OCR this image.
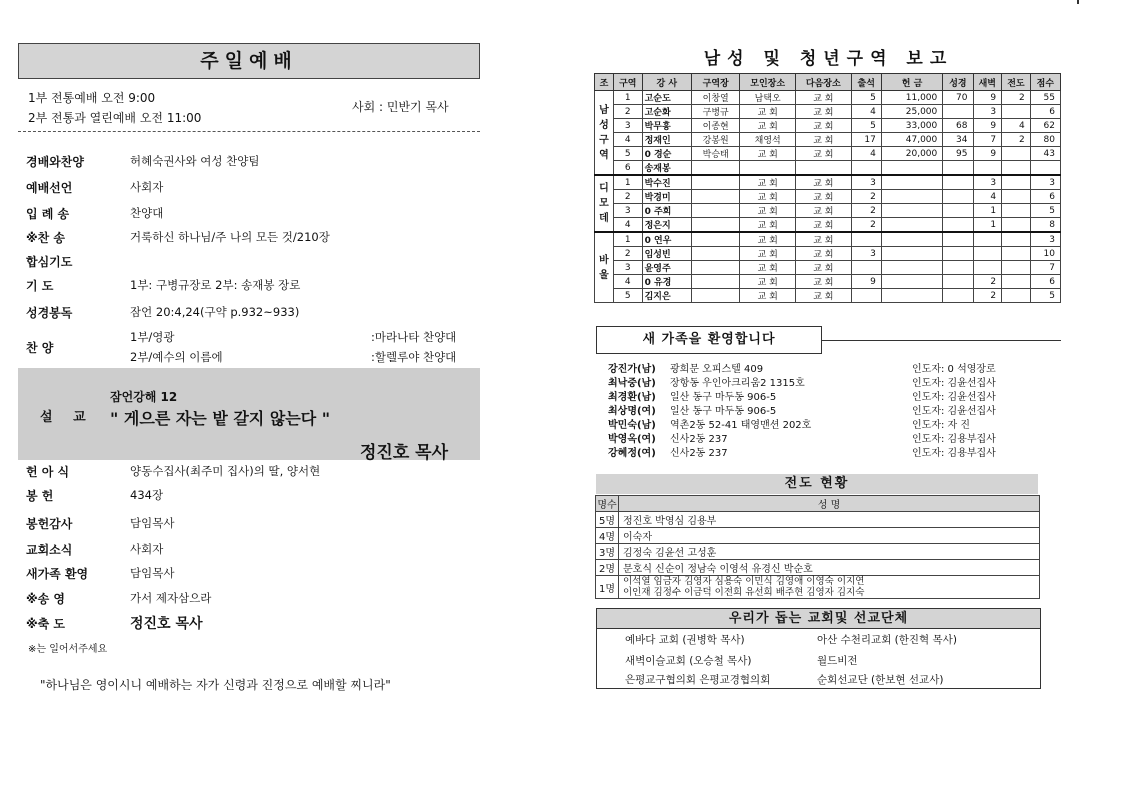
주일예배
1부 전통예배 오전 9:00
2부 전통과 열린예배 오전 11:00
사회 : 민반기 목사
경배와찬양	허혜숙권사와 여성 찬양팀
예배선언	사회자
입 례 송	찬양대
※찬 송	거룩하신 하나님/주 나의 모든 것/210장
합심기도
기 도	1부: 구병규장로 2부: 송재봉 장로
성경봉독	잠언 20:4,24(구약 p.932~933)
찬 양
1부/영광	:마라나타 찬양대
2부/예수의 이름에	:할렐루야 찬양대
설 교
잠언강해 12
" 게으른 자는 밭 갈지 않는다 "
정진호 목사
헌 아 식	양동수집사(최주미 집사)의 딸, 양서현
봉 헌	434장
봉헌감사	담임목사
교회소식	사회자
새가족 환영	담임목사
※송 영	가서 제자삼으라
※축 도	정진호 목사
※는 일어서주세요
"하나님은 영이시니 예배하는 자가 신령과 진정으로 예배할 찌니라"
남성 및 청년구역 보고
조	구역	강 사	구역장	모인장소	다음장소	출석	헌 금	성경	새벽	전도	점수
남성구역	1	고순도	이창열	남택오	교 회	5	11,000	70	9	2	55
	2	고순화	구병규	교 회	교 회	4	25,000		3		6
	3	박무흥	이종현	교 회	교 회	5	33,000	68	9	4	62
	4	정재인	강봉원	채영석	교 회	17	47,000	34	7	2	80
	5	0 경순	박승태	교 회	교 회	4	20,000	95	9		43
	6	송재봉									
디모데	1	박수진		교 회	교 회	3			3		3
	2	박경미		교 회	교 회	2			4		6
	3	0 주희		교 회	교 회	2			1		5
	4	정은지		교 회	교 회	2			1		8
바울	1	0 연우		교 회	교 회						3
	2	임성빈		교 회	교 회	3					10
	3	윤영주		교 회	교 회						7
	4	0 유경		교 회	교 회	9			2		6
	5	김지은		교 회	교 회				2		5
새 가족을 환영합니다
강진가(남)	광희문 오피스텔 409	인도자: 0 석영장로
최낙중(남)	장항동 우인아크리움2 1315호	인도자: 김윤선집사
최경환(남)	일산 동구 마두동 906-5	인도자: 김윤선집사
최상명(여)	일산 동구 마두동 906-5	인도자: 김윤선집사
박민숙(남)	역촌2동 52-41 태영맨션 202호	인도자: 자 진
박영옥(여)	신사2동 237	인도자: 김용부집사
강혜정(여)	신사2동 237	인도자: 김용부집사
전도 현황
명수	성 명
5명	정진호 박영심 김용부
4명	이숙자
3명	김정숙 김윤선 고성훈
2명	문호식 신순이 정남숙 이영석 유경신 박순호
1명	이석열 임금자 김영자 심용숙 이민식 김영애 이영숙 이지연
이인재 김정수 이금덕 이전희 유선희 배주현 김영자 김지숙
우리가 돕는 교회및 선교단체
예바다 교회 (권병학 목사)	아산 수천리교회 (한진혁 목사)
새벽이슬교회 (오승철 목사)	월드비전
은평교구협의회 은평교경협의회	순회선교단 (한보현 선교사)
